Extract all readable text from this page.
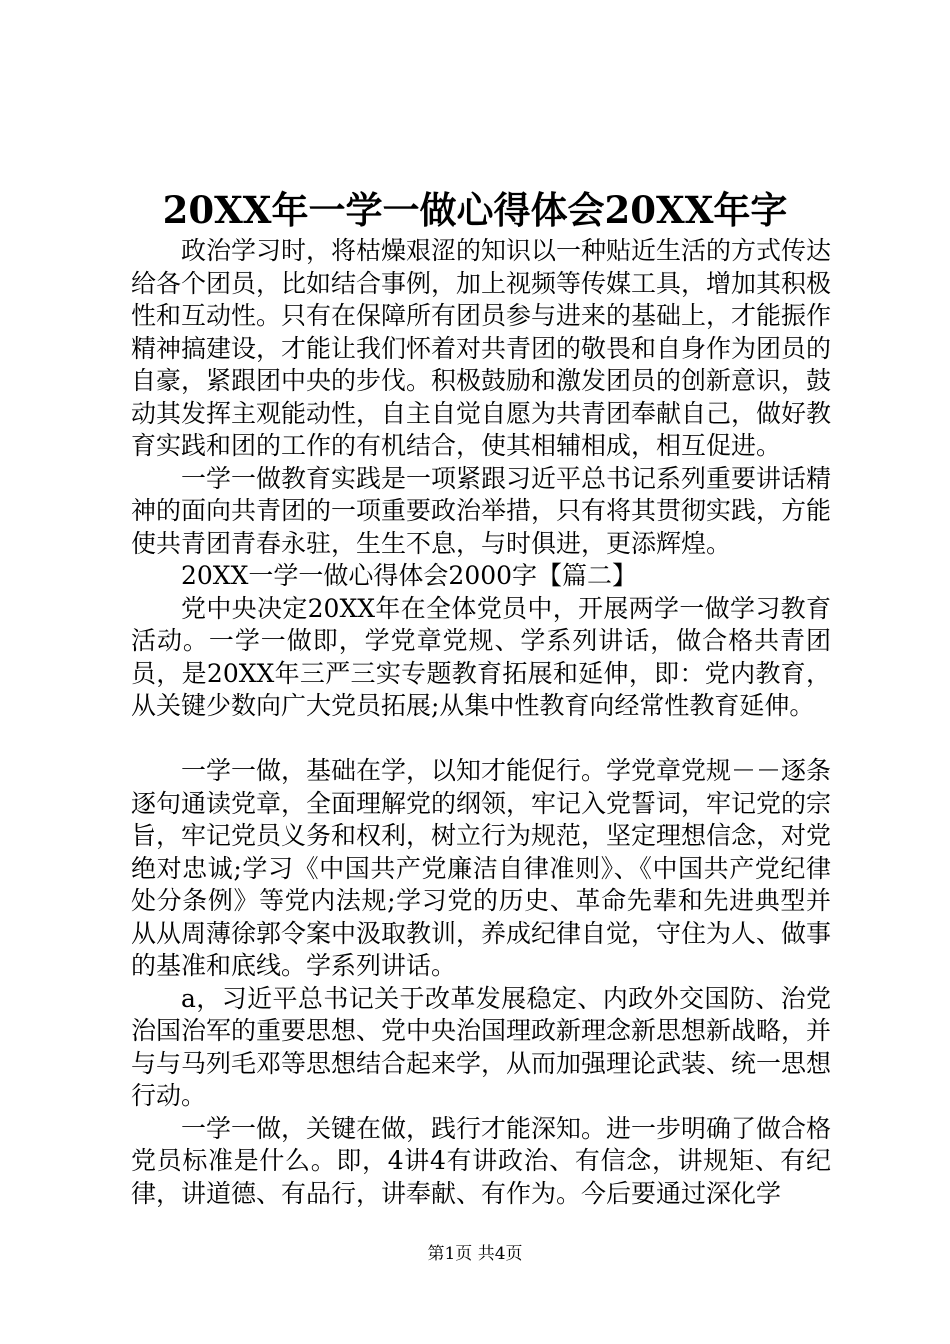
20XX年一学一做心得体会20XX年字

政治学习时，将枯燥艰涩的知识以一种贴近生活的方式传达给各个团员，比如结合事例，加上视频等传媒工具，增加其积极性和互动性。只有在保障所有团员参与进来的基础上，才能振作精神搞建设，才能让我们怀着对共青团的敬畏和自身作为团员的自豪，紧跟团中央的步伐。积极鼓励和激发团员的创新意识，鼓动其发挥主观能动性，自主自觉自愿为共青团奉献自己，做好教育实践和团的工作的有机结合，使其相辅相成，相互促进。

一学一做教育实践是一项紧跟习近平总书记系列重要讲话精神的面向共青团的一项重要政治举措，只有将其贯彻实践，方能使共青团青春永驻，生生不息，与时俱进，更添辉煌。

20XX一学一做心得体会2000字【篇二】

党中央决定20XX年在全体党员中，开展两学一做学习教育活动。一学一做即，学党章党规、学系列讲话，做合格共青团员，是20XX年三严三实专题教育拓展和延伸，即：党内教育，从关键少数向广大党员拓展;从集中性教育向经常性教育延伸。

一学一做，基础在学，以知才能促行。学党章党规－－逐条逐句通读党章，全面理解党的纲领，牢记入党誓词，牢记党的宗旨，牢记党员义务和权利，树立行为规范，坚定理想信念，对党绝对忠诚;学习《中国共产党廉洁自律准则》、《中国共产党纪律处分条例》等党内法规;学习党的历史、革命先辈和先进典型并从从周薄徐郭令案中汲取教训，养成纪律自觉，守住为人、做事的基准和底线。学系列讲话。

a，习近平总书记关于改革发展稳定、内政外交国防、治党治国治军的重要思想、党中央治国理政新理念新思想新战略，并与与马列毛邓等思想结合起来学，从而加强理论武装、统一思想行动。

一学一做，关键在做，践行才能深知。进一步明确了做合格党员标准是什么。即，4讲4有讲政治、有信念，讲规矩、有纪律，讲道德、有品行，讲奉献、有作为。今后要通过深化学

第1页 共4页
